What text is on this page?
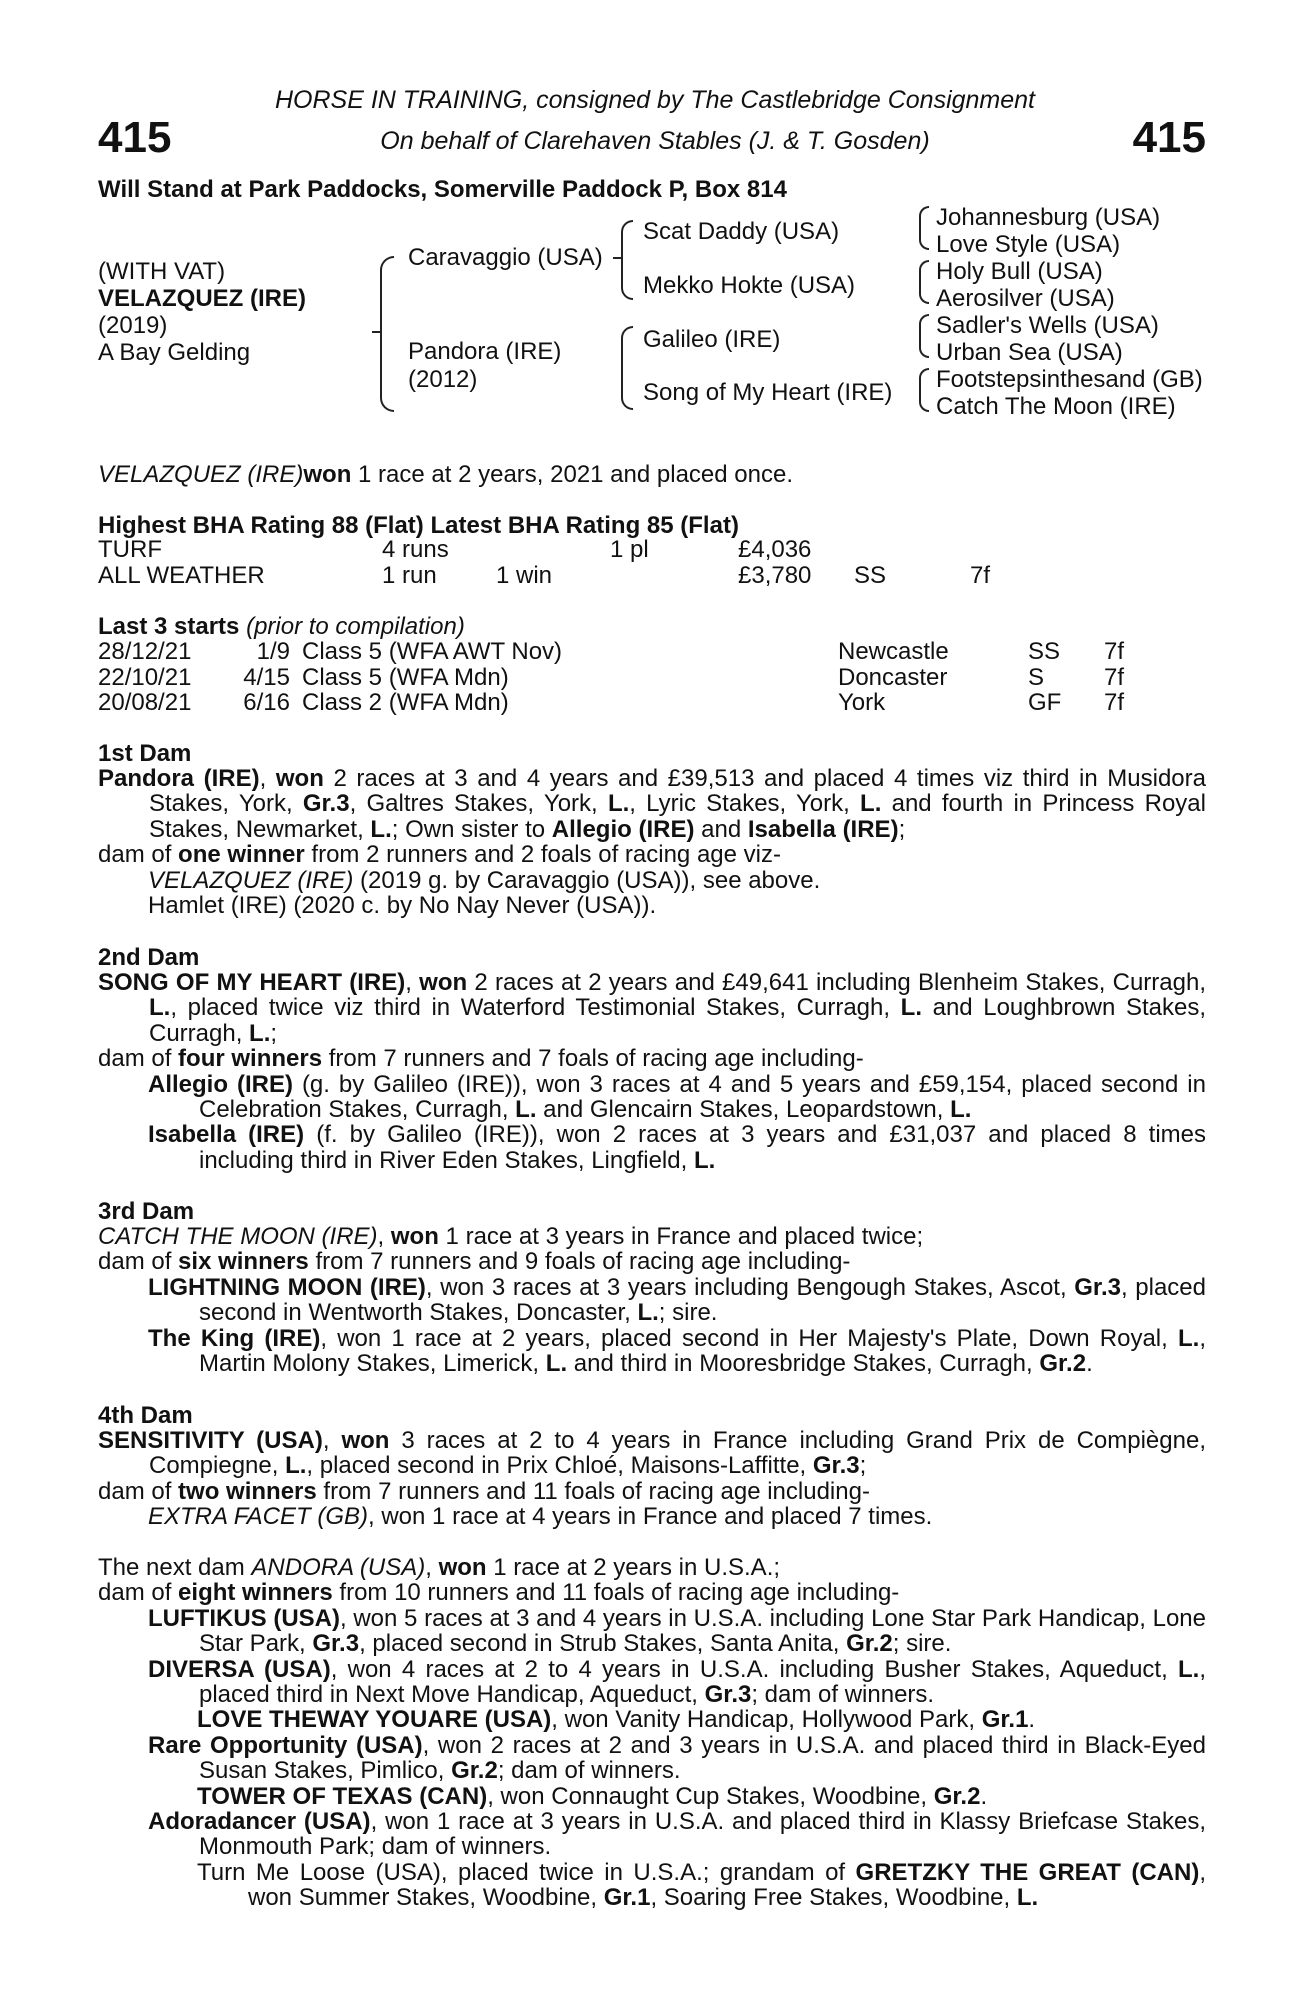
415	415
HORSE IN TRAINING, consigned by The Castlebridge Consignment
On behalf of Clarehaven Stables (J. & T. Gosden)
Will Stand at Park Paddocks, Somerville Paddock P, Box 814
(WITH VAT)
VELAZQUEZ (IRE)
(2019)
A Bay Gelding
Caravaggio (USA)
Pandora (IRE)
(2012)
Scat Daddy (USA)
Mekko Hokte (USA)
Galileo (IRE)
Song of My Heart (IRE)
Johannesburg (USA)
Love Style (USA)
Holy Bull (USA)
Aerosilver (USA)
Sadler's Wells (USA)
Urban Sea (USA)
Footstepsinthesand (GB)
Catch The Moon (IRE)
VELAZQUEZ (IRE)won 1 race at 2 years, 2021 and placed once.
Highest BHA Rating 88 (Flat) Latest BHA Rating 85 (Flat)
TURF	4 runs		1 pl	£4,036		
ALL WEATHER	1 run	1 win		£3,780	SS	7f
Last 3 starts (prior to compilation)
28/12/21	1/9	Class 5 (WFA AWT Nov)	Newcastle	SS	7f
22/10/21	4/15	Class 5 (WFA Mdn)	Doncaster	S	7f
20/08/21	6/16	Class 2 (WFA Mdn)	York	GF	7f
1st Dam

Pandora (IRE), won 2 races at 3 and 4 years and £39,513 and placed 4 times viz third in Musidora Stakes, York, Gr.3, Galtres Stakes, York, L., Lyric Stakes, York, L. and fourth in Princess Royal Stakes, Newmarket, L.; Own sister to Allegio (IRE) and Isabella (IRE);

dam of one winner from 2 runners and 2 foals of racing age viz-

VELAZQUEZ (IRE) (2019 g. by Caravaggio (USA)), see above.

Hamlet (IRE) (2020 c. by No Nay Never (USA)).

2nd Dam

SONG OF MY HEART (IRE), won 2 races at 2 years and £49,641 including Blenheim Stakes, Curragh, L., placed twice viz third in Waterford Testimonial Stakes, Curragh, L. and Loughbrown Stakes, Curragh, L.;

dam of four winners from 7 runners and 7 foals of racing age including-

Allegio (IRE) (g. by Galileo (IRE)), won 3 races at 4 and 5 years and £59,154, placed second in Celebration Stakes, Curragh, L. and Glencairn Stakes, Leopardstown, L.

Isabella (IRE) (f. by Galileo (IRE)), won 2 races at 3 years and £31,037 and placed 8 times including third in River Eden Stakes, Lingfield, L.

3rd Dam

CATCH THE MOON (IRE), won 1 race at 3 years in France and placed twice;

dam of six winners from 7 runners and 9 foals of racing age including-

LIGHTNING MOON (IRE), won 3 races at 3 years including Bengough Stakes, Ascot, Gr.3, placed second in Wentworth Stakes, Doncaster, L.; sire.

The King (IRE), won 1 race at 2 years, placed second in Her Majesty's Plate, Down Royal, L., Martin Molony Stakes, Limerick, L. and third in Mooresbridge Stakes, Curragh, Gr.2.

4th Dam

SENSITIVITY (USA), won 3 races at 2 to 4 years in France including Grand Prix de Compiègne, Compiegne, L., placed second in Prix Chloé, Maisons-Laffitte, Gr.3;

dam of two winners from 7 runners and 11 foals of racing age including-

EXTRA FACET (GB), won 1 race at 4 years in France and placed 7 times.

The next dam ANDORA (USA), won 1 race at 2 years in U.S.A.;

dam of eight winners from 10 runners and 11 foals of racing age including-

LUFTIKUS (USA), won 5 races at 3 and 4 years in U.S.A. including Lone Star Park Handicap, Lone Star Park, Gr.3, placed second in Strub Stakes, Santa Anita, Gr.2; sire.

DIVERSA (USA), won 4 races at 2 to 4 years in U.S.A. including Busher Stakes, Aqueduct, L., placed third in Next Move Handicap, Aqueduct, Gr.3; dam of winners.

LOVE THEWAY YOUARE (USA), won Vanity Handicap, Hollywood Park, Gr.1.

Rare Opportunity (USA), won 2 races at 2 and 3 years in U.S.A. and placed third in Black-Eyed Susan Stakes, Pimlico, Gr.2; dam of winners.

TOWER OF TEXAS (CAN), won Connaught Cup Stakes, Woodbine, Gr.2.

Adoradancer (USA), won 1 race at 3 years in U.S.A. and placed third in Klassy Briefcase Stakes, Monmouth Park; dam of winners.

Turn Me Loose (USA), placed twice in U.S.A.; grandam of GRETZKY THE GREAT (CAN), won Summer Stakes, Woodbine, Gr.1, Soaring Free Stakes, Woodbine, L.
